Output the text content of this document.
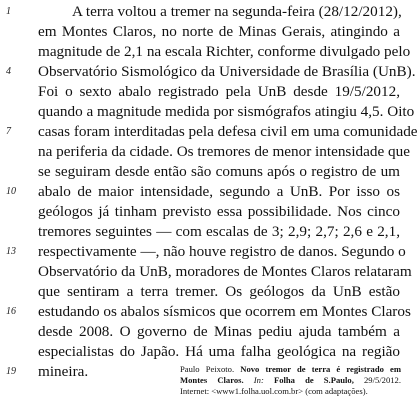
A terra voltou a tremer na segunda-feira (28/12/2012),
em Montes Claros, no norte de Minas Gerais, atingindo a
magnitude de 2,1 na escala Richter, conforme divulgado pelo
Observatório Sismológico da Universidade de Brasília (UnB).
Foi o sexto abalo registrado pela UnB desde 19/5/2012,
quando a magnitude medida por sismógrafos atingiu 4,5. Oito
casas foram interditadas pela defesa civil em uma comunidade
na periferia da cidade. Os tremores de menor intensidade que
se seguiram desde então são comuns após o registro de um
abalo de maior intensidade, segundo a UnB. Por isso os
geólogos já tinham previsto essa possibilidade. Nos cinco
tremores seguintes — com escalas de 3; 2,9; 2,7; 2,6 e 2,1,
respectivamente —, não houve registro de danos. Segundo o
Observatório da UnB, moradores de Montes Claros relataram
que sentiram a terra tremer. Os geólogos da UnB estão
estudando os abalos sísmicos que ocorrem em Montes Claros
desde 2008. O governo de Minas pediu ajuda também a
especialistas do Japão. Há uma falha geológica na região
mineira.
1
4
7
10
13
16
19	Paulo Peixoto. Novo tremor de terra é registrado em
Montes Claros. In: Folha de S.Paulo, 29/5/2012.
Internet: <www1.folha.uol.com.br> (com adaptações).
